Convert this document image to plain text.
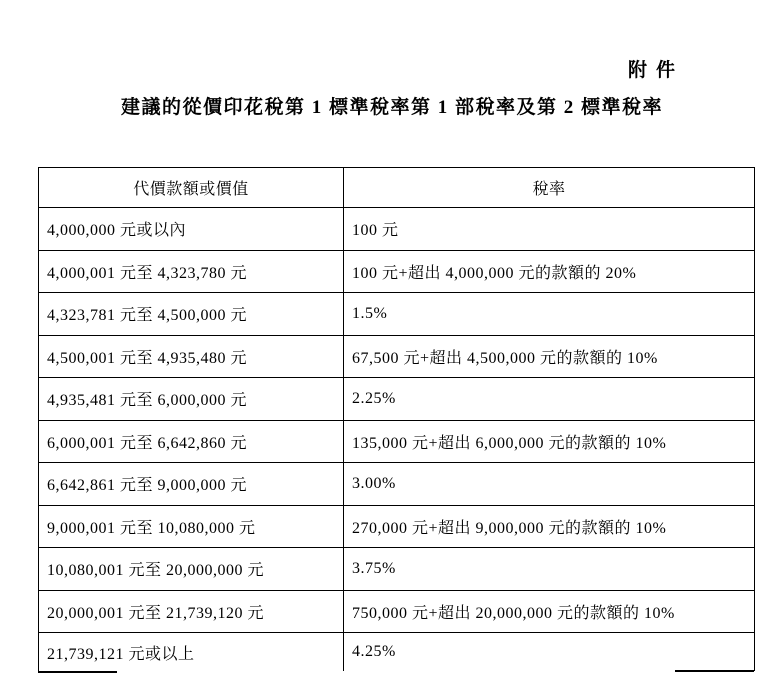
附件
建議的從價印花稅第 1 標準稅率第 1 部稅率及第 2 標準稅率
代價款額或價值	稅率
4,000,000 元或以內	100 元
4,000,001 元至 4,323,780 元	100 元+超出 4,000,000 元的款額的 20%
4,323,781 元至 4,500,000 元	1.5%
4,500,001 元至 4,935,480 元	67,500 元+超出 4,500,000 元的款額的 10%
4,935,481 元至 6,000,000 元	2.25%
6,000,001 元至 6,642,860 元	135,000 元+超出 6,000,000 元的款額的 10%
6,642,861 元至 9,000,000 元	3.00%
9,000,001 元至 10,080,000 元	270,000 元+超出 9,000,000 元的款額的 10%
10,080,001 元至 20,000,000 元	3.75%
20,000,001 元至 21,739,120 元	750,000 元+超出 20,000,000 元的款額的 10%
21,739,121 元或以上	4.25%
